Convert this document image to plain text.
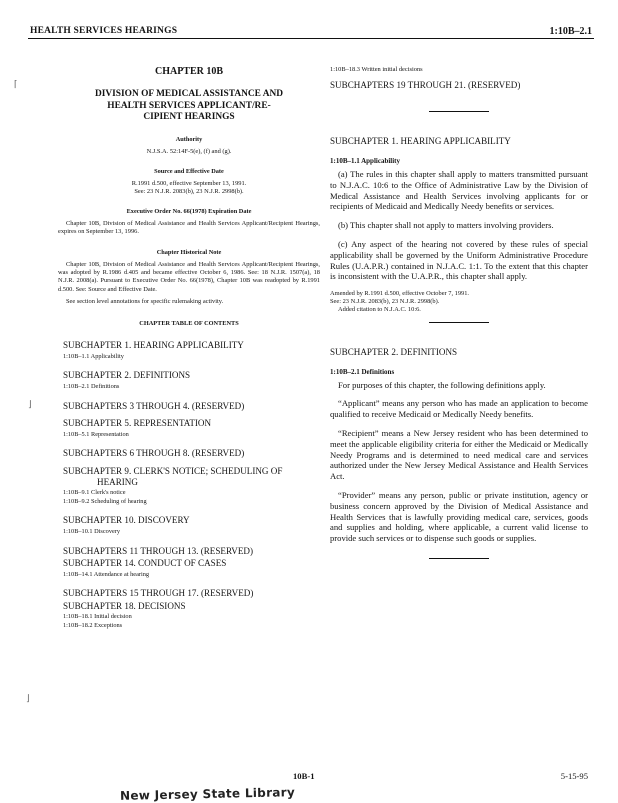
HEALTH SERVICES HEARINGS	1:10B–2.1
⌈
⌋
⌋
CHAPTER 10B
DIVISION OF MEDICAL ASSISTANCE AND
HEALTH SERVICES APPLICANT/RE-
CIPIENT HEARINGS
Authority
N.J.S.A. 52:14F-5(e), (f) and (g).
Source and Effective Date
R.1991 d.500, effective September 13, 1991.
See: 23 N.J.R. 2083(b), 23 N.J.R. 2998(b).
Executive Order No. 66(1978) Expiration Date
Chapter 10B, Division of Medical Assistance and Health Services Applicant/Recipient Hearings, expires on September 13, 1996.
Chapter Historical Note
Chapter 10B, Division of Medical Assistance and Health Services Applicant/Recipient Hearings, was adopted by R.1986 d.405 and became effective October 6, 1986. See: 18 N.J.R. 1507(a), 18 N.J.R. 2008(a). Pursuant to Executive Order No. 66(1978), Chapter 10B was readopted by R.1991 d.500. See: Source and Effective Date.
See section level annotations for specific rulemaking activity.
CHAPTER TABLE OF CONTENTS
SUBCHAPTER 1. HEARING APPLICABILITY
1:10B–1.1 Applicability
SUBCHAPTER 2. DEFINITIONS
1:10B–2.1 Definitions
SUBCHAPTERS 3 THROUGH 4. (RESERVED)
SUBCHAPTER 5. REPRESENTATION
1:10B–5.1 Representation
SUBCHAPTERS 6 THROUGH 8. (RESERVED)
SUBCHAPTER 9. CLERK'S NOTICE; SCHEDULING OF HEARING
1:10B–9.1 Clerk's notice
1:10B–9.2 Scheduling of hearing
SUBCHAPTER 10. DISCOVERY
1:10B–10.1 Discovery
SUBCHAPTERS 11 THROUGH 13. (RESERVED)
SUBCHAPTER 14. CONDUCT OF CASES
1:10B–14.1 Attendance at hearing
SUBCHAPTERS 15 THROUGH 17. (RESERVED)
SUBCHAPTER 18. DECISIONS
1:10B–18.1 Initial decision
1:10B–18.2 Exceptions
1:10B–18.3 Written initial decisions
SUBCHAPTERS 19 THROUGH 21. (RESERVED)
SUBCHAPTER 1. HEARING APPLICABILITY
1:10B–1.1 Applicability

(a) The rules in this chapter shall apply to matters transmitted pursuant to N.J.A.C. 10:6 to the Office of Administrative Law by the Division of Medical Assistance and Health Services involving applicants for or recipients of Medicaid and Medically Needy benefits or services.

(b) This chapter shall not apply to matters involving providers.

(c) Any aspect of the hearing not covered by these rules of special applicability shall be governed by the Uniform Administrative Procedure Rules (U.A.P.R.) contained in N.J.A.C. 1:1. To the extent that this chapter is inconsistent with the U.A.P.R., this chapter shall apply.

Amended by R.1991 d.500, effective October 7, 1991.
See: 23 N.J.R. 2083(b), 23 N.J.R. 2998(b).
Added citation to N.J.A.C. 10:6.
SUBCHAPTER 2. DEFINITIONS
1:10B–2.1 Definitions

For purposes of this chapter, the following definitions apply.

“Applicant” means any person who has made an application to become qualified to receive Medicaid or Medically Needy benefits.

“Recipient” means a New Jersey resident who has been determined to meet the applicable eligibility criteria for either the Medicaid or Medically Needy Programs and is determined to need medical care and services authorized under the New Jersey Medical Assistance and Health Services Act.

“Provider” means any person, public or private institution, agency or business concern approved by the Division of Medical Assistance and Health Services that is lawfully providing medical care, services, goods and supplies and holding, where applicable, a current valid license to provide such services or to dispense such goods or supplies.

10B-1	5-15-95
New Jersey State Library
